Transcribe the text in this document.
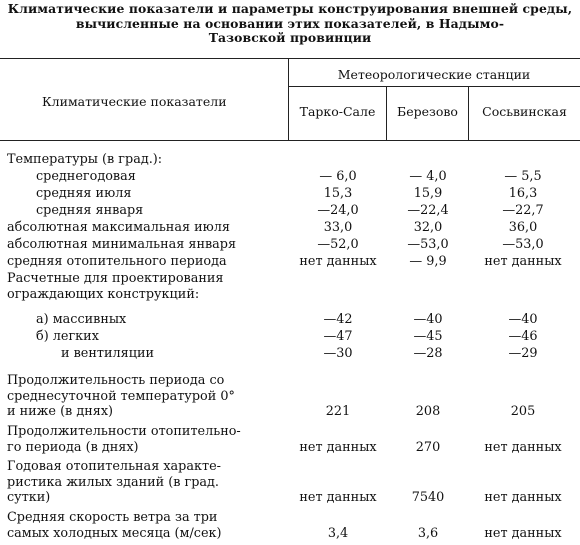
Климатические показатели и параметры конструирования внешней среды,
вычисленные на основании этих показателей, в Надымо-
Тазовской провинции
Климатические показатели
Метеорологические станции
Тарко-Сале	Березово	Сосьвинская
Температуры (в град.):
среднегодовая	— 6,0	— 4,0	— 5,5
средняя июля	15,3	15,9	16,3
средняя января	—24,0	—22,4	—22,7
абсолютная максимальная июля	33,0	32,0	36,0
абсолютная минимальная января	—52,0	—53,0	—53,0
средняя отопительного периода	нет данных	— 9,9	нет данных
Расчетные для проектирования
ограждающих конструкций:
а) массивных	—42	—40	—40
б) легких	—47	—45	—46
и вентиляции	—30	—28	—29
Продолжительность периода со
среднесуточной температурой 0°
и ниже (в днях)	221	208	205
Продолжительности отопительно-
го периода (в днях)	нет данных	270	нет данных
Годовая отопительная характе-
ристика жилых зданий (в град.
сутки)	нет данных	7540	нет данных
Средняя скорость ветра за три
самых холодных месяца (м/сек)	3,4	3,6	нет данных
